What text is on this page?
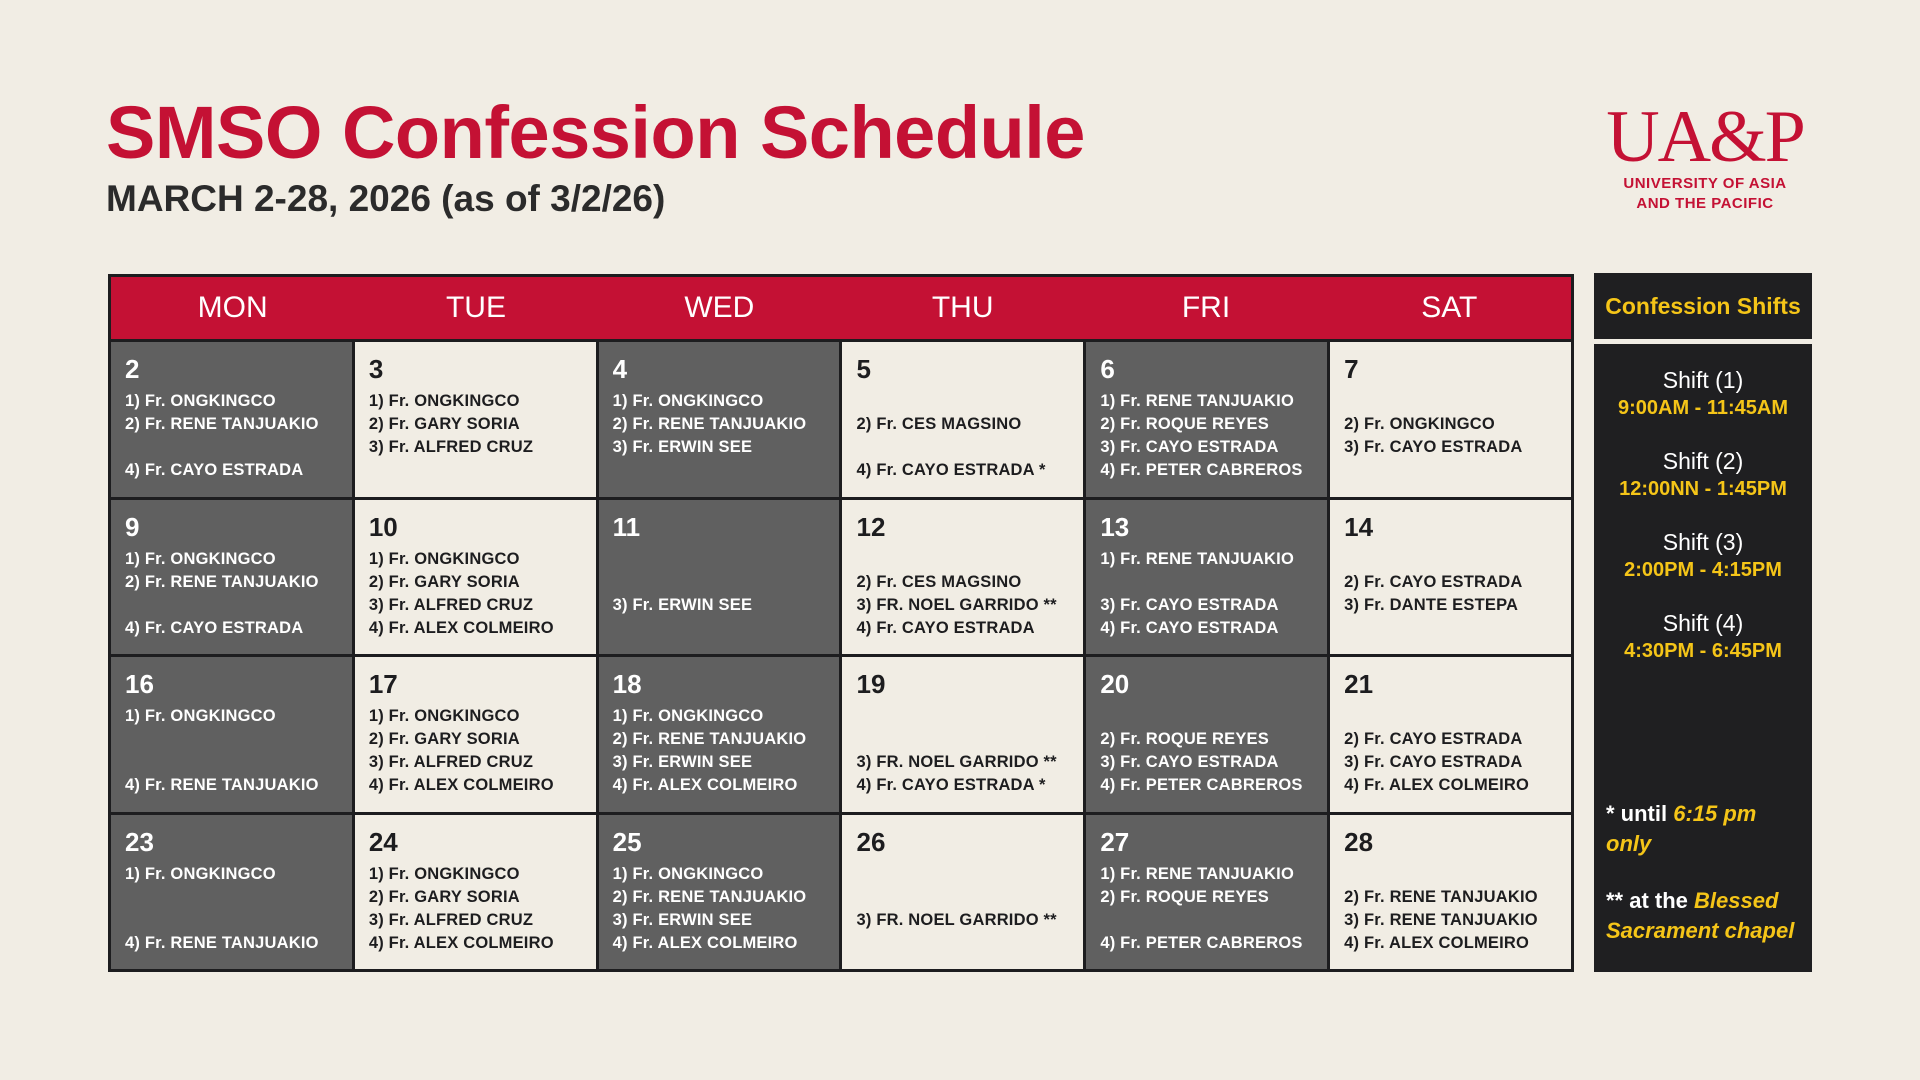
SMSO Confession Schedule
MARCH 2-28, 2026 (as of 3/2/26)
UA&P
UNIVERSITY OF ASIA
AND THE PACIFIC
MON	TUE	WED	THU	FRI	SAT
2
1) Fr. ONGKINGCO
2) Fr. RENE TANJUAKIO
4) Fr. CAYO ESTRADA
3
1) Fr. ONGKINGCO
2) Fr. GARY SORIA
3) Fr. ALFRED CRUZ
4
1) Fr. ONGKINGCO
2) Fr. RENE TANJUAKIO
3) Fr. ERWIN SEE
5
2) Fr. CES MAGSINO
4) Fr. CAYO ESTRADA *
6
1) Fr. RENE TANJUAKIO
2) Fr. ROQUE REYES
3) Fr. CAYO ESTRADA
4) Fr. PETER CABREROS
7
2) Fr. ONGKINGCO
3) Fr. CAYO ESTRADA
9
1) Fr. ONGKINGCO
2) Fr. RENE TANJUAKIO
4) Fr. CAYO ESTRADA
10
1) Fr. ONGKINGCO
2) Fr. GARY SORIA
3) Fr. ALFRED CRUZ
4) Fr. ALEX COLMEIRO
11
3) Fr. ERWIN SEE
12
2) Fr. CES MAGSINO
3) FR. NOEL GARRIDO **
4) Fr. CAYO ESTRADA
13
1) Fr. RENE TANJUAKIO
3) Fr. CAYO ESTRADA
4) Fr. CAYO ESTRADA
14
2) Fr. CAYO ESTRADA
3) Fr. DANTE ESTEPA
16
1) Fr. ONGKINGCO
4) Fr. RENE TANJUAKIO
17
1) Fr. ONGKINGCO
2) Fr. GARY SORIA
3) Fr. ALFRED CRUZ
4) Fr. ALEX COLMEIRO
18
1) Fr. ONGKINGCO
2) Fr. RENE TANJUAKIO
3) Fr. ERWIN SEE
4) Fr. ALEX COLMEIRO
19
3) FR. NOEL GARRIDO **
4) Fr. CAYO ESTRADA *
20
2) Fr. ROQUE REYES
3) Fr. CAYO ESTRADA
4) Fr. PETER CABREROS
21
2) Fr. CAYO ESTRADA
3) Fr. CAYO ESTRADA
4) Fr. ALEX COLMEIRO
23
1) Fr. ONGKINGCO
4) Fr. RENE TANJUAKIO
24
1) Fr. ONGKINGCO
2) Fr. GARY SORIA
3) Fr. ALFRED CRUZ
4) Fr. ALEX COLMEIRO
25
1) Fr. ONGKINGCO
2) Fr. RENE TANJUAKIO
3) Fr. ERWIN SEE
4) Fr. ALEX COLMEIRO
26
3) FR. NOEL GARRIDO **
27
1) Fr. RENE TANJUAKIO
2) Fr. ROQUE REYES
4) Fr. PETER CABREROS
28
2) Fr. RENE TANJUAKIO
3) Fr. RENE TANJUAKIO
4) Fr. ALEX COLMEIRO
Confession Shifts
Shift (1)
9:00AM - 11:45AM
Shift (2)
12:00NN - 1:45PM
Shift (3)
2:00PM - 4:15PM
Shift (4)
4:30PM - 6:45PM
* until 6:15 pm only
** at the Blessed Sacrament chapel
